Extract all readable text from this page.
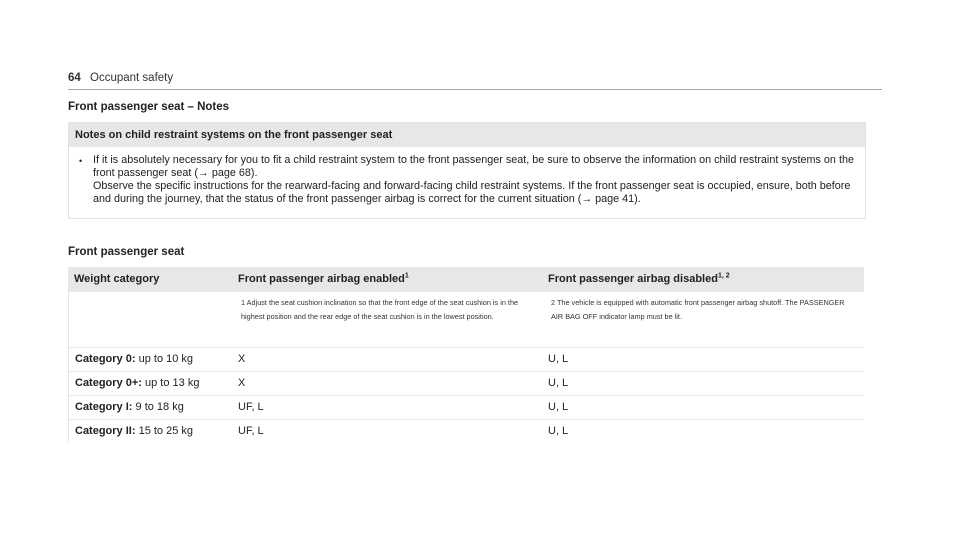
64 Occupant safety
Front passenger seat – Notes
Notes on child restraint systems on the front passenger seat
• If it is absolutely necessary for you to fit a child restraint system to the front passenger seat, be sure to observe the information on child restraint systems on the front passenger seat (→ page 68).

Observe the specific instructions for the rearward-facing and forward-facing child restraint systems. If the front passenger seat is occupied, ensure, both before and during the journey, that the status of the front passenger airbag is correct for the current situation (→ page 41).

Front passenger seat
Weight category	Front passenger airbag enabled$^1$	Front passenger airbag disabled$^{1, 2}$
1 Adjust the seat cushion inclination so that the front edge of the seat cushion is in the highest position and the rear edge of the seat cushion is in the lowest position.
2 The vehicle is equipped with automatic front passenger airbag shutoff. The PASSENGER AIR BAG OFF indicator lamp must be lit.
Category 0: up to 10 kg	X	U, L
Category 0+: up to 13 kg	X	U, L
Category I: 9 to 18 kg	UF, L	U, L
Category II: 15 to 25 kg	UF, L	U, L
